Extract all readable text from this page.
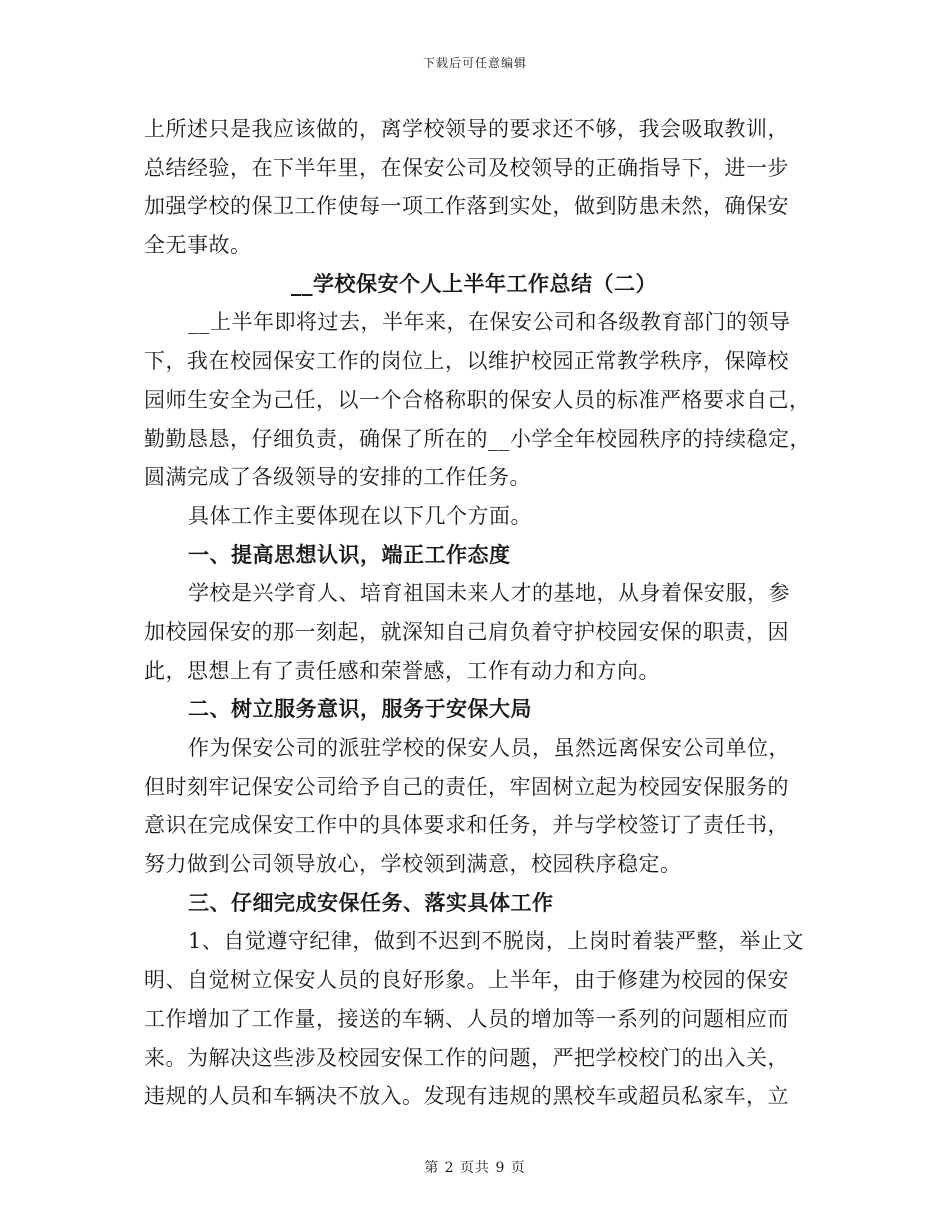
下载后可任意编辑
上所述只是我应该做的，离学校领导的要求还不够，我会吸取教训，
总结经验，在下半年里，在保安公司及校领导的正确指导下，进一步
加强学校的保卫工作使每一项工作落到实处，做到防患未然，确保安
全无事故。
__学校保安个人上半年工作总结（二）
__上半年即将过去，半年来，在保安公司和各级教育部门的领导
下，我在校园保安工作的岗位上，以维护校园正常教学秩序，保障校
园师生安全为己任，以一个合格称职的保安人员的标准严格要求自己，
勤勤恳恳，仔细负责，确保了所在的__小学全年校园秩序的持续稳定，
圆满完成了各级领导的安排的工作任务。
具体工作主要体现在以下几个方面。
一、提高思想认识，端正工作态度
学校是兴学育人、培育祖国未来人才的基地，从身着保安服，参
加校园保安的那一刻起，就深知自己肩负着守护校园安保的职责，因
此，思想上有了责任感和荣誉感，工作有动力和方向。
二、树立服务意识，服务于安保大局
作为保安公司的派驻学校的保安人员，虽然远离保安公司单位，
但时刻牢记保安公司给予自己的责任，牢固树立起为校园安保服务的
意识在完成保安工作中的具体要求和任务，并与学校签订了责任书，
努力做到公司领导放心，学校领到满意，校园秩序稳定。
三、仔细完成安保任务、落实具体工作
1、自觉遵守纪律，做到不迟到不脱岗，上岗时着装严整，举止文
明、自觉树立保安人员的良好形象。上半年，由于修建为校园的保安
工作增加了工作量，接送的车辆、人员的增加等一系列的问题相应而
来。为解决这些涉及校园安保工作的问题，严把学校校门的出入关，
违规的人员和车辆决不放入。发现有违规的黑校车或超员私家车，立
第 2 页共 9 页
